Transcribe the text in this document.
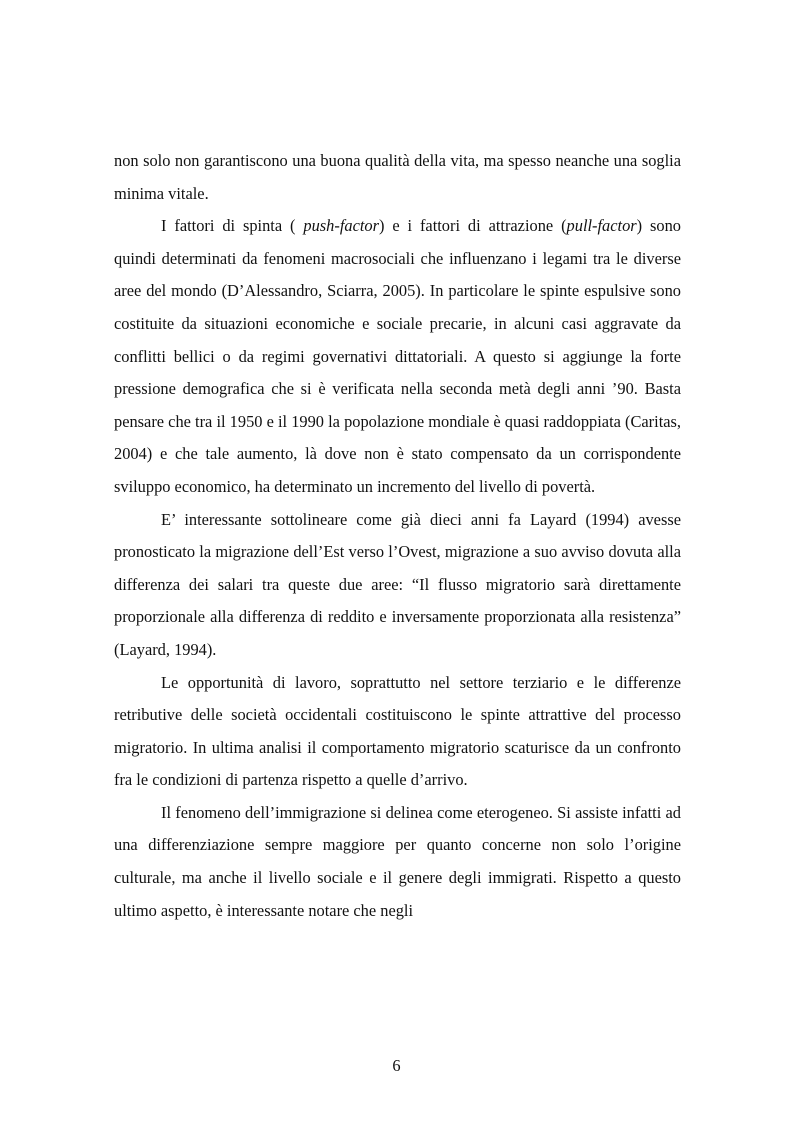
non solo non garantiscono una buona qualità della vita, ma spesso neanche una soglia minima vitale.

I fattori di spinta ( push-factor) e i fattori di attrazione (pull-factor) sono quindi determinati da fenomeni macrosociali che influenzano i legami tra le diverse aree del mondo (D’Alessandro, Sciarra, 2005). In particolare le spinte espulsive sono costituite da situazioni economiche e sociale precarie, in alcuni casi aggravate da conflitti bellici o da regimi governativi dittatoriali. A questo si aggiunge la forte pressione demografica che si è verificata nella seconda metà degli anni ’90. Basta pensare che tra il 1950 e il 1990 la popolazione mondiale è quasi raddoppiata (Caritas, 2004) e che tale aumento, là dove non è stato compensato da un corrispondente sviluppo economico, ha determinato un incremento del livello di povertà.

E’ interessante sottolineare come già dieci anni fa Layard (1994) avesse pronosticato la migrazione dell’Est verso l’Ovest, migrazione a suo avviso dovuta alla differenza dei salari tra queste due aree: “Il flusso migratorio sarà direttamente proporzionale alla differenza di reddito e inversamente proporzionata alla resistenza” (Layard, 1994).

Le opportunità di lavoro, soprattutto nel settore terziario e le differenze retributive delle società occidentali costituiscono le spinte attrattive del processo migratorio. In ultima analisi il comportamento migratorio scaturisce da un confronto fra le condizioni di partenza rispetto a quelle d’arrivo.

Il fenomeno dell’immigrazione si delinea come eterogeneo. Si assiste infatti ad una differenziazione sempre maggiore per quanto concerne non solo l’origine culturale, ma anche il livello sociale e il genere degli immigrati. Rispetto a questo ultimo aspetto, è interessante notare che negli

6
